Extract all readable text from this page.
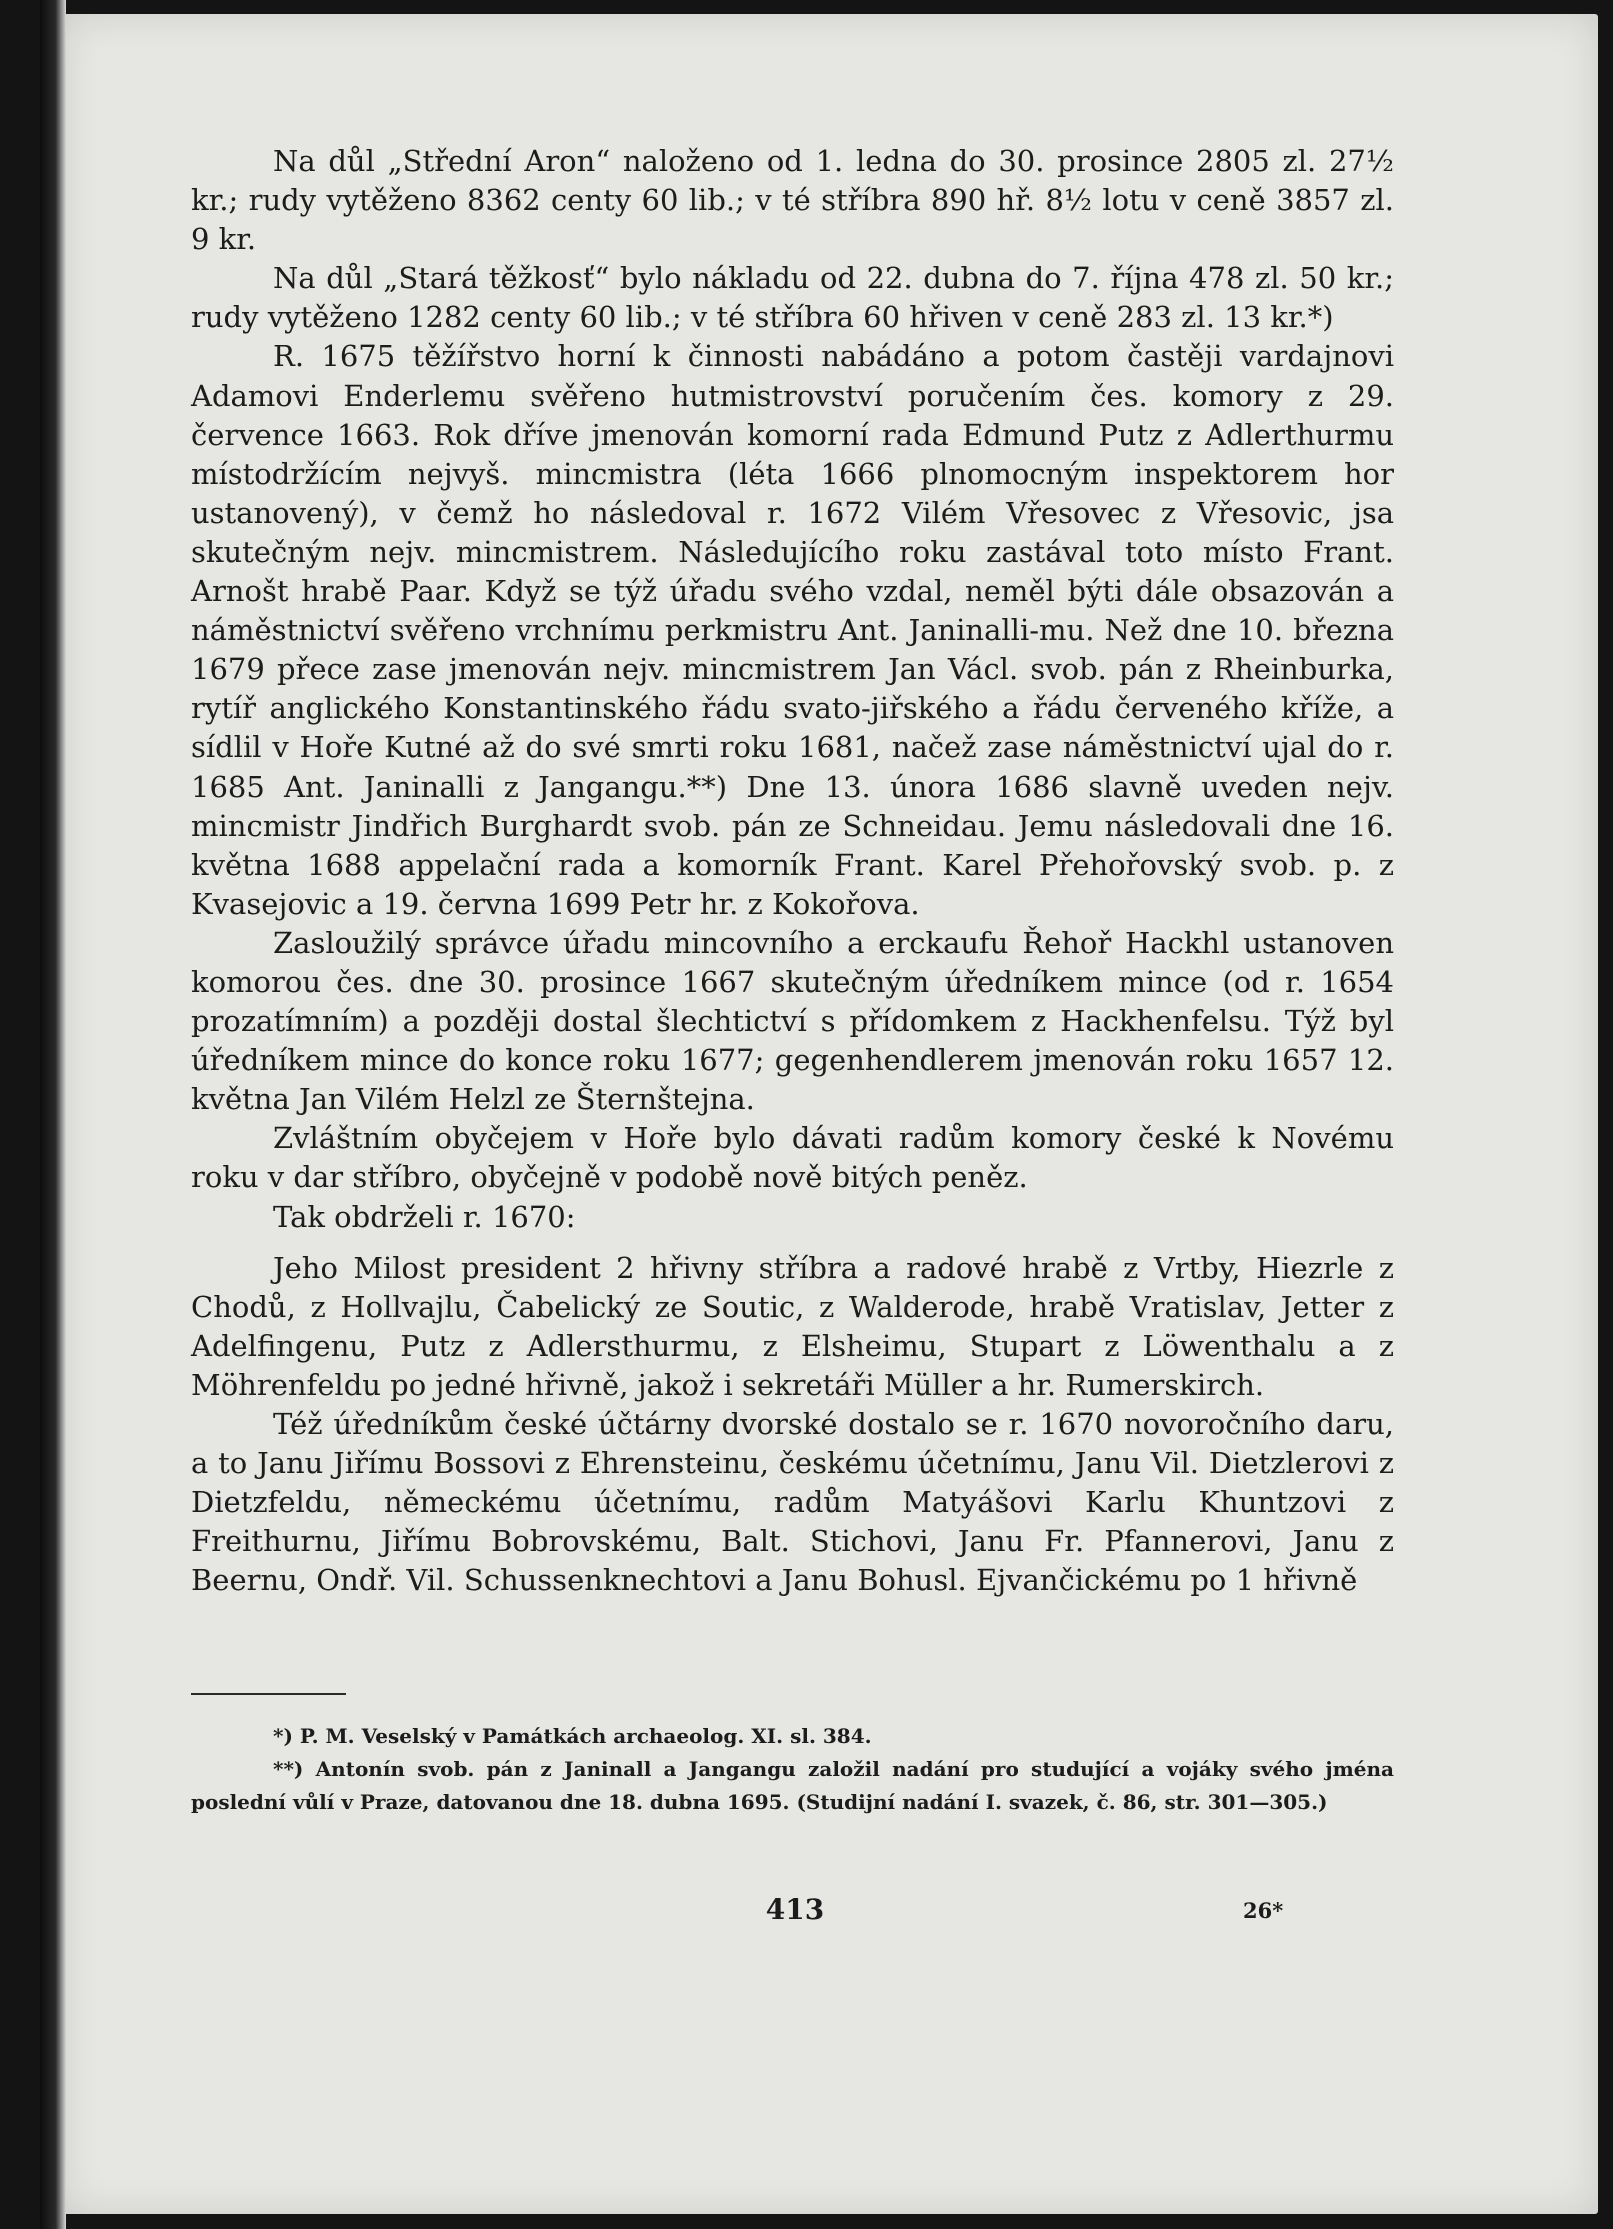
Na důl „Střední Aron“ naloženo od 1. ledna do 30. prosince 2805 zl. 27½ kr.; rudy vytěženo 8362 centy 60 lib.; v té stříbra 890 hř. 8½ lotu v ceně 3857 zl. 9 kr.

Na důl „Stará těžkosť“ bylo nákladu od 22. dubna do 7. října 478 zl. 50 kr.; rudy vytěženo 1282 centy 60 lib.; v té stříbra 60 hřiven v ceně 283 zl. 13 kr.*)

R. 1675 těžířstvo horní k činnosti nabádáno a potom častěji vardajnovi Adamovi Enderlemu svěřeno hutmistrovství poručením čes. komory z 29. července 1663. Rok dříve jmenován komorní rada Edmund Putz z Adlerthurmu místodržícím nejvyš. mincmistra (léta 1666 plnomocným inspektorem hor ustanovený), v čemž ho následoval r. 1672 Vilém Vřesovec z Vřesovic, jsa skutečným nejv. mincmistrem. Následujícího roku zastával toto místo Frant. Arnošt hrabě Paar. Když se týž úřadu svého vzdal, neměl býti dále obsazován a náměstnictví svěřeno vrchnímu perkmistru Ant. Janinalli-mu. Než dne 10. března 1679 přece zase jmenován nejv. mincmistrem Jan Václ. svob. pán z Rheinburka, rytíř anglického Konstantinského řádu svato-jiřského a řádu červeného kříže, a sídlil v Hoře Kutné až do své smrti roku 1681, načež zase náměstnictví ujal do r. 1685 Ant. Janinalli z Jangangu.**) Dne 13. února 1686 slavně uveden nejv. mincmistr Jindřich Burghardt svob. pán ze Schneidau. Jemu následovali dne 16. května 1688 appelační rada a komorník Frant. Karel Přehořovský svob. p. z Kvasejovic a 19. června 1699 Petr hr. z Kokořova.

Zasloužilý správce úřadu mincovního a erckaufu Řehoř Hackhl ustanoven komorou čes. dne 30. prosince 1667 skutečným úředníkem mince (od r. 1654 prozatímním) a později dostal šlechtictví s přídomkem z Hackhenfelsu. Týž byl úředníkem mince do konce roku 1677; gegenhendlerem jmenován roku 1657 12. května Jan Vilém Helzl ze Šternštejna.

Zvláštním obyčejem v Hoře bylo dávati radům komory české k Novému roku v dar stříbro, obyčejně v podobě nově bitých peněz.

Tak obdrželi r. 1670:

Jeho Milost president 2 hřivny stříbra a radové hrabě z Vrtby, Hiezrle z Chodů, z Hollvajlu, Čabelický ze Soutic, z Walderode, hrabě Vratislav, Jetter z Adelfingenu, Putz z Adlersthurmu, z Elsheimu, Stupart z Löwenthalu a z Möhrenfeldu po jedné hřivně, jakož i sekretáři Müller a hr. Rumerskirch.

Též úředníkům české účtárny dvorské dostalo se r. 1670 novoročního daru, a to Janu Jiřímu Bossovi z Ehrensteinu, českému účetnímu, Janu Vil. Dietzlerovi z Dietzfeldu, německému účetnímu, radům Matyášovi Karlu Khuntzovi z Freithurnu, Jiřímu Bobrovskému, Balt. Stichovi, Janu Fr. Pfannerovi, Janu z Beernu, Ondř. Vil. Schussenknechtovi a Janu Bohusl. Ejvančickému po 1 hřivně

*) P. M. Veselský v Památkách archaeolog. XI. sl. 384.

**) Antonín svob. pán z Janinall a Jangangu založil nadání pro studující a vojáky svého jména poslední vůlí v Praze, datovanou dne 18. dubna 1695. (Studijní nadání I. svazek, č. 86, str. 301—305.)

413	26*
